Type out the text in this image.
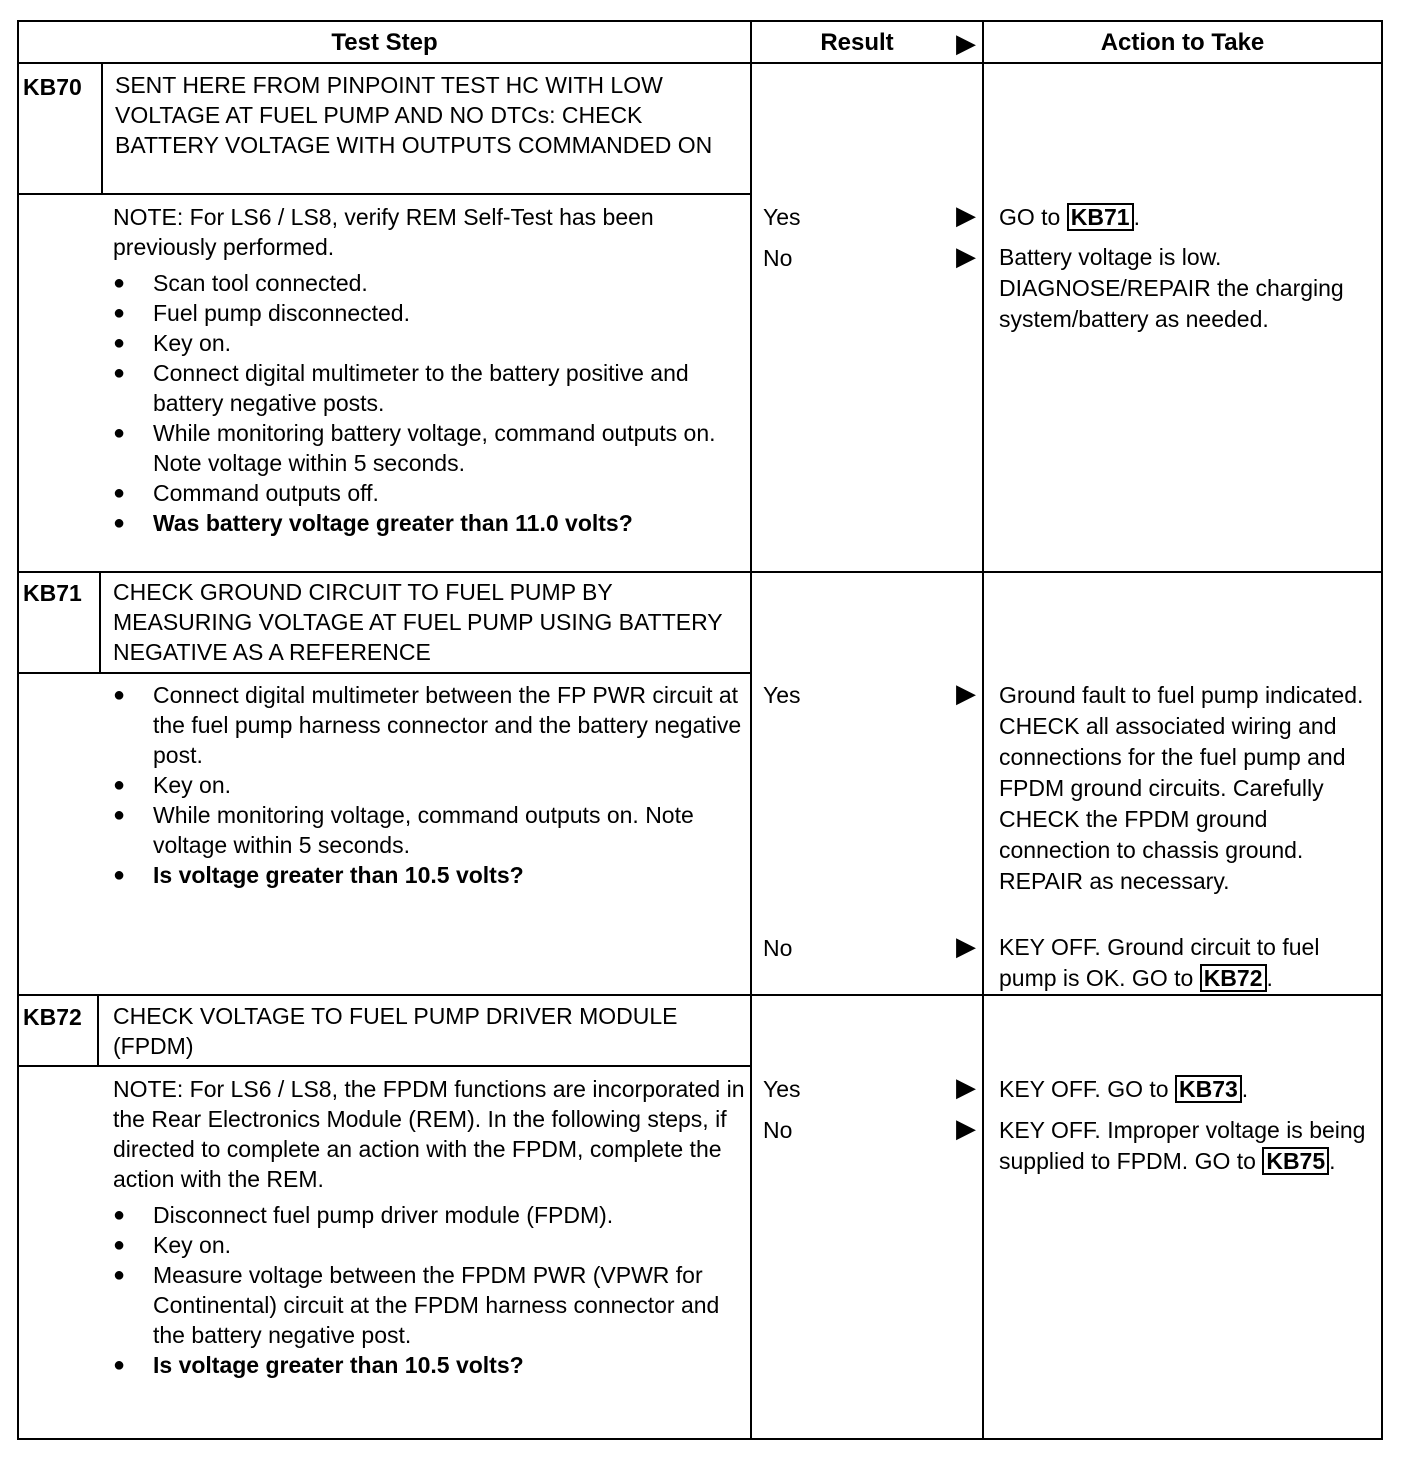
Test Step	Result	▶	Action to Take
KB70 SENT HERE FROM PINPOINT TEST HC WITH LOW VOLTAGE AT FUEL PUMP AND NO DTCs: CHECK BATTERY VOLTAGE WITH OUTPUTS COMMANDED ON

NOTE: For LS6 / LS8, verify REM Self-Test has been previously performed.

● Scan tool connected.
● Fuel pump disconnected.
● Key on.
● Connect digital multimeter to the battery positive and battery negative posts.
● While monitoring battery voltage, command outputs on. Note voltage within 5 seconds.
● Command outputs off.
● Was battery voltage greater than 11.0 volts?
Yes	▶ GO to KB71 .
No	▶ Battery voltage is low. DIAGNOSE/REPAIR the charging system/battery as needed.
KB71 CHECK GROUND CIRCUIT TO FUEL PUMP BY MEASURING VOLTAGE AT FUEL PUMP USING BATTERY NEGATIVE AS A REFERENCE
● Connect digital multimeter between the FP PWR circuit at the fuel pump harness connector and the battery negative post.
● Key on.
● While monitoring voltage, command outputs on. Note voltage within 5 seconds.
● Is voltage greater than 10.5 volts?
Yes	▶ Ground fault to fuel pump indicated. CHECK all associated wiring and connections for the fuel pump and FPDM ground circuits. Carefully CHECK the FPDM ground connection to chassis ground. REPAIR as necessary.
No	▶ KEY OFF. Ground circuit to fuel pump is OK. GO to KB72 .
KB72 CHECK VOLTAGE TO FUEL PUMP DRIVER MODULE (FPDM)

NOTE: For LS6 / LS8, the FPDM functions are incorporated in the Rear Electronics Module (REM). In the following steps, if directed to complete an action with the FPDM, complete the action with the REM.

● Disconnect fuel pump driver module (FPDM).
● Key on.
● Measure voltage between the FPDM PWR (VPWR for Continental) circuit at the FPDM harness connector and the battery negative post.
● Is voltage greater than 10.5 volts?
Yes	▶ KEY OFF. GO to KB73 .
No	▶ KEY OFF. Improper voltage is being supplied to FPDM. GO to KB75 .
